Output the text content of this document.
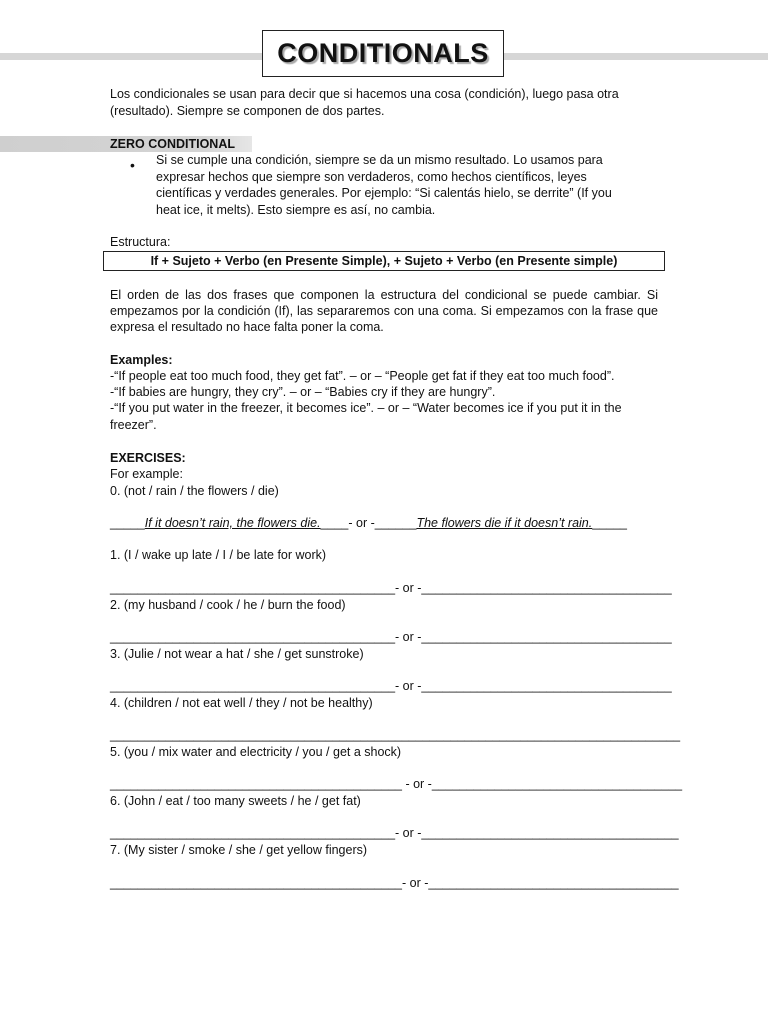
CONDITIONALS
Los condicionales se usan para decir que si hacemos una cosa (condición), luego pasa otra
(resultado). Siempre se componen de dos partes.
ZERO CONDITIONAL
• Si se cumple una condición, siempre se da un mismo resultado. Lo usamos para
expresar hechos que siempre son verdaderos, como hechos científicos, leyes
científicas y verdades generales. Por ejemplo: “Si calentás hielo, se derrite” (If you
heat ice, it melts). Esto siempre es así, no cambia.
Estructura:
If + Sujeto + Verbo (en Presente Simple), + Sujeto + Verbo (en Presente simple)
El orden de las dos frases que componen la estructura del condicional se puede cambiar. Si
empezamos por la condición (If), las separaremos con una coma. Si empezamos con la frase que
expresa el resultado no hace falta poner la coma.
Examples:
-“If people eat too much food, they get fat”. – or – “People get fat if they eat too much food”.
-“If babies are hungry, they cry”. – or – “Babies cry if they are hungry”.
-“If you put water in the freezer, it becomes ice”. – or – “Water becomes ice if you put it in the
freezer”.
EXERCISES:
For example:
0. (not / rain / the flowers / die)
_____If it doesn’t rain, the flowers die.____- or -______The flowers die if it doesn’t rain._____
1. (I / wake up late / I / be late for work)
_________________________________________- or -____________________________________
2. (my husband / cook / he / burn the food)
_________________________________________- or -____________________________________
3. (Julie / not wear a hat / she / get sunstroke)
_________________________________________- or -____________________________________
4. (children / not eat well / they / not be healthy)
__________________________________________________________________________________
5. (you / mix water and electricity / you / get a shock)
__________________________________________ - or -____________________________________
6. (John / eat / too many sweets / he / get fat)
_________________________________________- or -_____________________________________
7. (My sister / smoke / she / get yellow fingers)
__________________________________________- or -____________________________________
